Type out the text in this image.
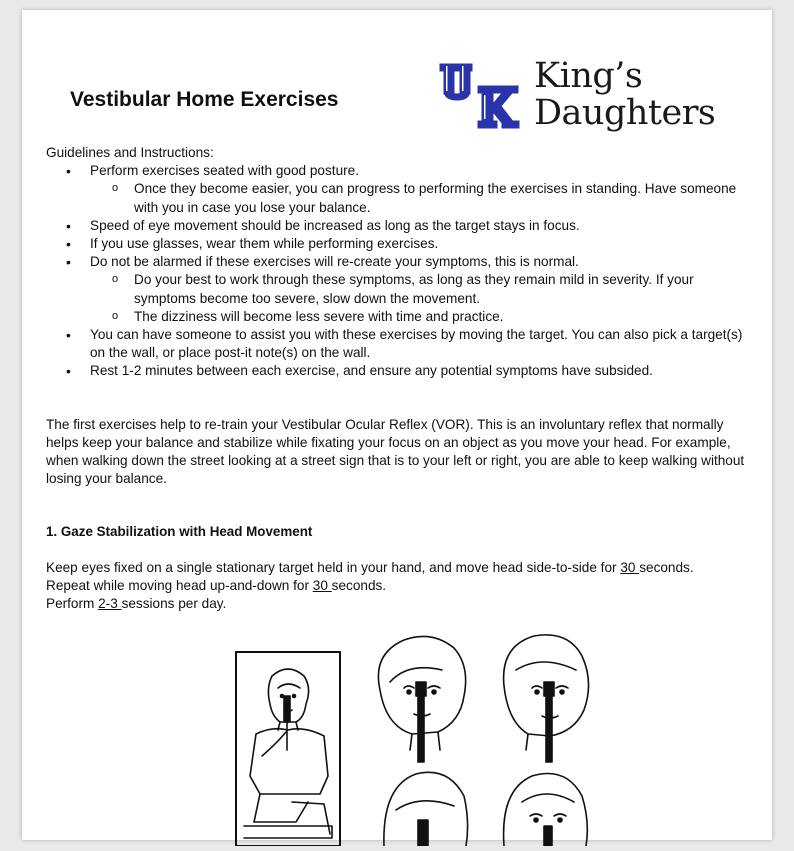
Vestibular Home Exercises
King’s
Daughters

Guidelines and Instructions:

• Perform exercises seated with good posture.
o Once they become easier, you can progress to performing the exercises in standing. Have someone with you in case you lose your balance.
• Speed of eye movement should be increased as long as the target stays in focus.
• If you use glasses, wear them while performing exercises.
• Do not be alarmed if these exercises will re-create your symptoms, this is normal.
o Do your best to work through these symptoms, as long as they remain mild in severity. If your symptoms become too severe, slow down the movement.
o The dizziness will become less severe with time and practice.
• You can have someone to assist you with these exercises by moving the target. You can also pick a target(s) on the wall, or place post-it note(s) on the wall.
• Rest 1-2 minutes between each exercise, and ensure any potential symptoms have subsided.

The first exercises help to re-train your Vestibular Ocular Reflex (VOR). This is an involuntary reflex that normally helps keep your balance and stabilize while fixating your focus on an object as you move your head. For example, when walking down the street looking at a street sign that is to your left or right, you are able to keep walking without losing your balance.

1. Gaze Stabilization with Head Movement

Keep eyes fixed on a single stationary target held in your hand, and move head side-to-side for 30 seconds.
Repeat while moving head up-and-down for 30 seconds.
Perform 2-3 sessions per day.
